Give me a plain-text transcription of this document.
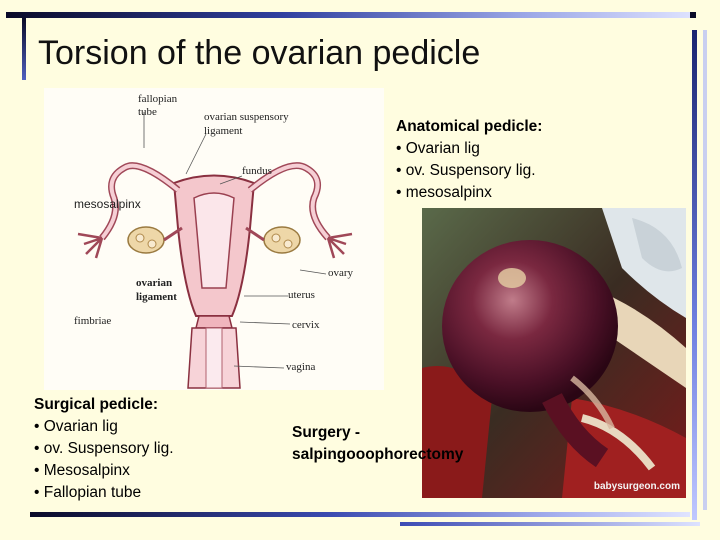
Torsion of the ovarian pedicle
fallopian
tube	ovarian suspensory
ligament
fundus
mesosalpinx
ovary
ovarian
ligament	uterus
fimbriae	cervix
vagina
babysurgeon.com
Anatomical pedicle:
• Ovarian lig
• ov. Suspensory lig.
• mesosalpinx
Surgical pedicle:
• Ovarian lig
• ov. Suspensory lig.
• Mesosalpinx
• Fallopian tube
Surgery -
salpingooophorectomy
